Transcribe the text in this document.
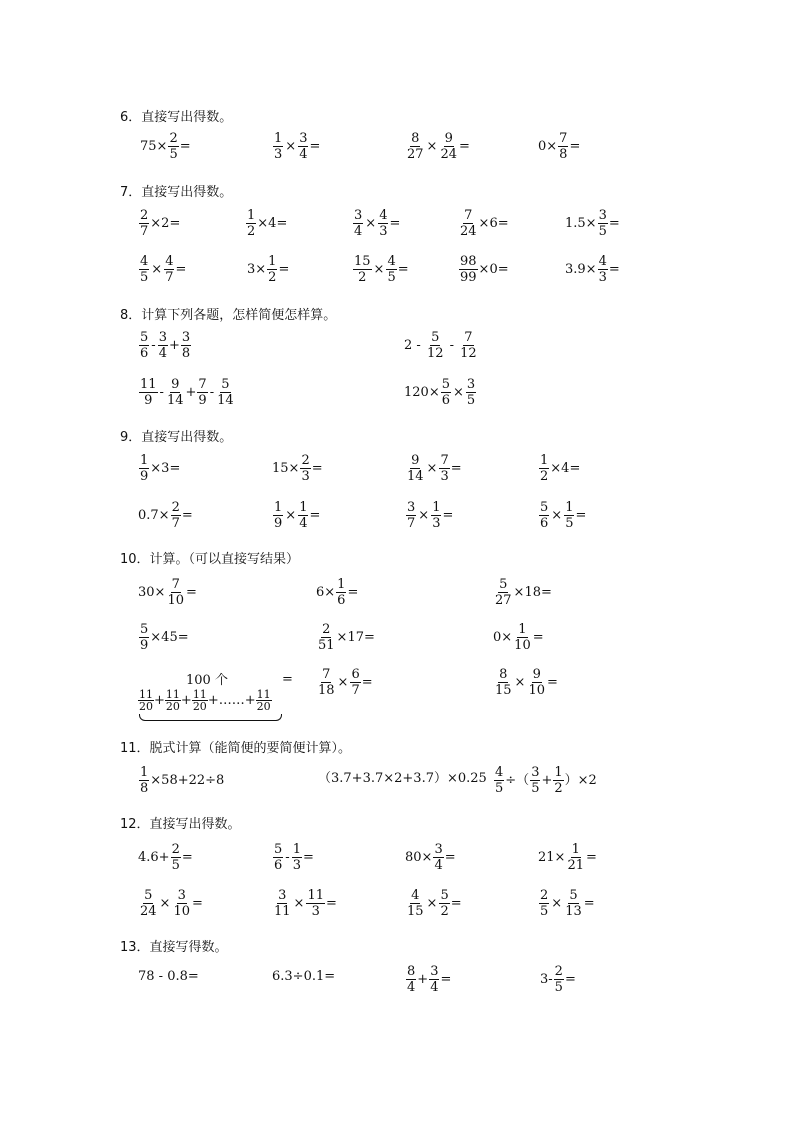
6．直接写出得数。
$75\times \frac{2}{5}$ =	$\frac{1}{3} \times \frac{3}{4}$ =	$\frac{8}{27} \times \frac{9}{24}$ =	$0\times \frac{7}{8}$ =
7．直接写出得数。
$\frac{2}{7} \times 2=$	$\frac{1}{2} \times 4=$	$\frac{3}{4} \times \frac{4}{3}$ =	$\frac{7}{24} \times 6=$	$1.5\times \frac{3}{5}$ =
$\frac{4}{5} \times \frac{4}{7}$ =	$3\times \frac{1}{2}$ =	$\frac{15}{2} \times \frac{4}{5}$ =	$\frac{98}{99} \times 0=$	$3.9\times \frac{4}{3}$ =
8．计算下列各题，怎样简便怎样算。
$\frac{5}{6} - \frac{3}{4} + \frac{3}{8}$	$2 - \frac{5}{12} - \frac{7}{12}$
$\frac{11}{9} - \frac{9}{14} + \frac{7}{9} - \frac{5}{14}$	$120\times \frac{5}{6} \times \frac{3}{5}$
9．直接写出得数。
$\frac{1}{9} \times 3=$	$15\times \frac{2}{3}$ =	$\frac{9}{14} \times \frac{7}{3}$ =	$\frac{1}{2} \times 4=$
$0.7\times \frac{2}{7}$ =	$\frac{1}{9} \times \frac{1}{4}$ =	$\frac{3}{7} \times \frac{1}{3}$ =	$\frac{5}{6} \times \frac{1}{5}$ =
10．计算。（可以直接写结果）
$30\times \frac{7}{10}$ =	$6\times \frac{1}{6}$ =	$\frac{5}{27} \times 18=$
$\frac{5}{9} \times 45=$	$\frac{2}{51} \times 17=$	$0\times \frac{1}{10}$ =
100 个
$\frac{11}{20} + \frac{11}{20} + \frac{11}{20}$ + …… + $\frac{11}{20}$
= $\frac{7}{18} \times \frac{6}{7}$ =	$\frac{8}{15} \times \frac{9}{10}$ =
11．脱式计算（能简便的要简便计算）。
$\frac{1}{8} \times 58+22\div 8$	$(3.7+3.7\times 2+3.7)\times 0.25 \frac{4}{5}$ ÷（ $\frac{3}{5} + \frac{1}{2} )\times 2$
12．直接写出得数。
$4.6+ \frac{2}{5}$ =	$\frac{5}{6} - \frac{1}{3}$ =	$80\times \frac{3}{4}$ =	$21\times \frac{1}{21}$ =
$\frac{5}{24} \times \frac{3}{10}$ =	$\frac{3}{11} \times \frac{11}{3}$ =	$\frac{4}{15} \times \frac{5}{2}$ =	$\frac{2}{5} \times \frac{5}{13}$ =
13．直接写得数。
78 - 0.8=	6.3÷0.1=	$\frac{8}{4} + \frac{3}{4}$ =	$3- \frac{2}{5}$ =
